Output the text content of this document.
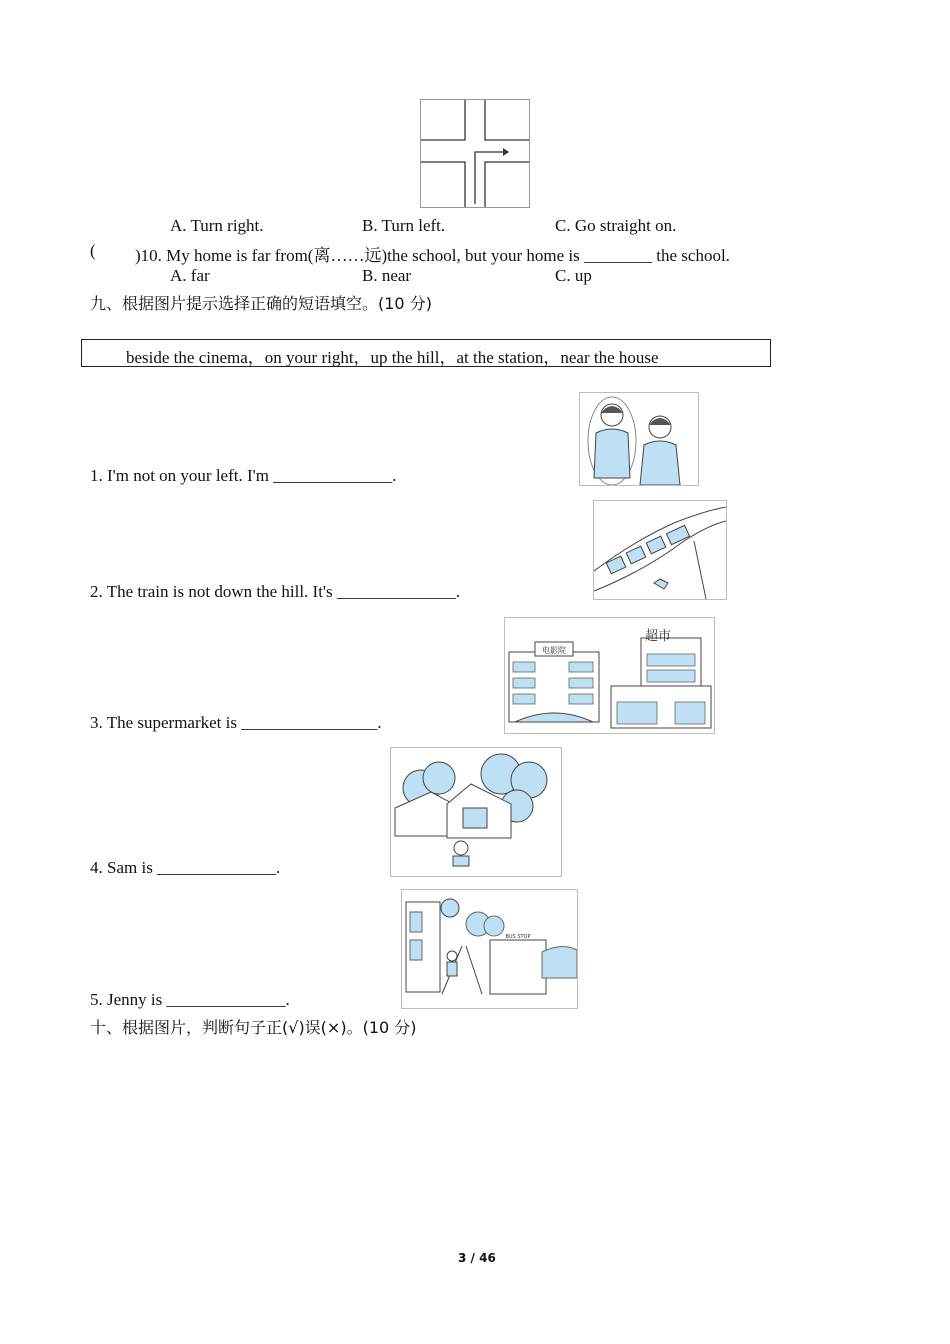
A. Turn right.	B. Turn left.	C. Go straight on.
( )10. My home is far from(离……远)the school, but your home is ________ the school.
A. far	B. near	C. up
九、根据图片提示选择正确的短语填空。(10 分)
beside the cinema，on your right，up the hill，at the station，near the house
1. I'm not on your left. I'm ______________.
2. The train is not down the hill. It's ______________.
电影院
超市
3. The supermarket is ________________.
4. Sam is ______________.
BUS STOP
5. Jenny is ______________.
十、根据图片，判断句子正(√)误(×)。(10 分)
3 / 46
